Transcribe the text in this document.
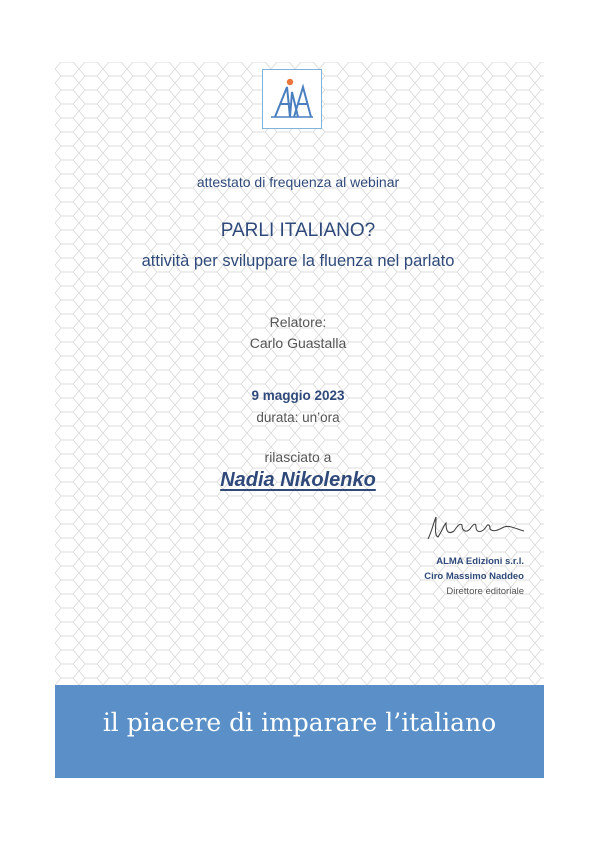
attestato di frequenza al webinar
PARLI ITALIANO?
attività per sviluppare la fluenza nel parlato
Relatore:
Carlo Guastalla
9 maggio 2023
durata: un’ora
rilasciato a
Nadia Nikolenko
ALMA Edizioni s.r.l.
Ciro Massimo Naddeo
Direttore editoriale
il piacere di imparare l’italiano
